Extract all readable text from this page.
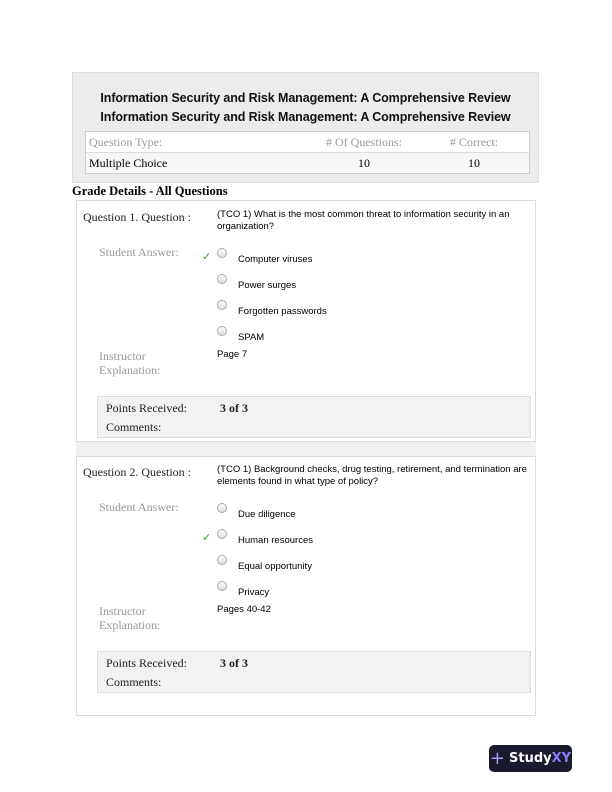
Information Security and Risk Management: A Comprehensive Review
Information Security and Risk Management: A Comprehensive Review
Question Type:	# Of Questions:	# Correct:
Multiple Choice	10	10
Grade Details - All Questions
Question 1. Question :	(TCO 1) What is the most common threat to information security in an organization?
Student Answer: ✓	Computer viruses
Power surges
Forgotten passwords
SPAM
Instructor
Explanation:
Page 7
Points Received:	3 of 3
Comments:
Question 2. Question :	(TCO 1) Background checks, drug testing, retirement, and termination are elements found in what type of policy?
Student Answer:
Due diligence
✓	Human resources
Equal opportunity
Privacy
Instructor
Explanation:
Pages 40-42
Points Received:	3 of 3
Comments:
+ StudyXY
